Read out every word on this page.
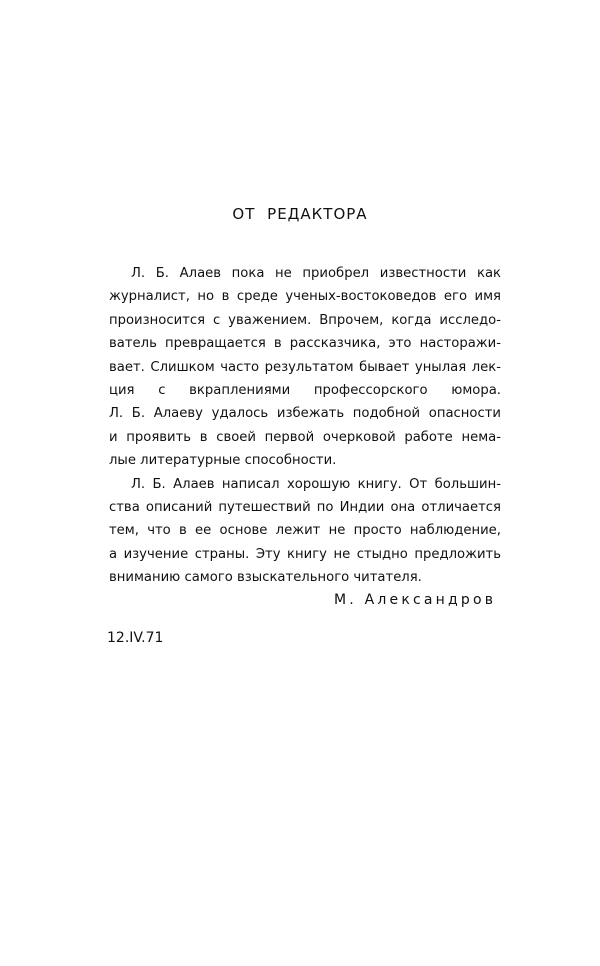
ОТ РЕДАКТОРА
Л. Б. Алаев пока не приобрел известности как
журналист, но в среде ученых-востоковедов его имя
произносится с уважением. Впрочем, когда исследо-
ватель превращается в рассказчика, это насторажи-
вает. Слишком часто результатом бывает унылая лек-
ция с вкраплениями профессорского юмора.
Л. Б. Алаеву удалось избежать подобной опасности
и проявить в своей первой очерковой работе немa-
лые литературные способности.
Л. Б. Алаев написал хорошую книгу. От большин-
ства описаний путешествий по Индии она отличается
тем, что в ее основе лежит не просто наблюдение,
а изучение страны. Эту книгу не стыдно предложить
вниманию самого взыскательного читателя.
М. Александров
12.IV.71
